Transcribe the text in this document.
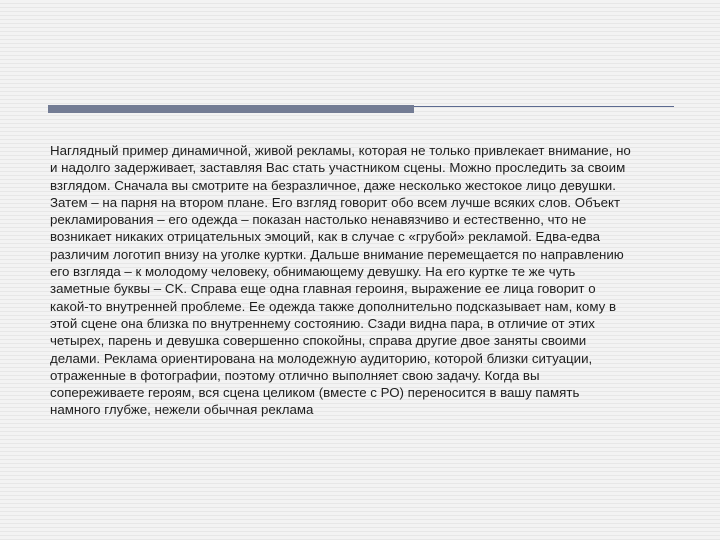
Наглядный пример динамичной, живой рекламы, которая не только привлекает внимание, но
и надолго задерживает, заставляя Вас стать участником сцены. Можно проследить за своим
взглядом. Сначала вы смотрите на безразличное, даже несколько жестокое лицо девушки.
Затем – на парня на втором плане. Его взгляд говорит обо всем лучше всяких слов. Объект
рекламирования – его одежда – показан настолько ненавязчиво и естественно, что не
возникает никаких отрицательных эмоций, как в случае с «грубой» рекламой. Едва-едва
различим логотип внизу на уголке куртки. Дальше внимание перемещается по направлению
его взгляда – к молодому человеку, обнимающему девушку. На его куртке те же чуть
заметные буквы – CK. Справа еще одна главная героиня, выражение ее лица говорит о
какой-то внутренней проблеме. Ее одежда также дополнительно подсказывает нам, кому в
этой сцене она близка по внутреннему состоянию. Сзади видна пара, в отличие от этих
четырех, парень и девушка совершенно спокойны, справа другие двое заняты своими
делами. Реклама ориентирована на молодежную аудиторию, которой близки ситуации,
отраженные в фотографии, поэтому отлично выполняет свою задачу. Когда вы
сопереживаете героям, вся сцена целиком (вместе с РО) переносится в вашу память
намного глубже, нежели обычная реклама
